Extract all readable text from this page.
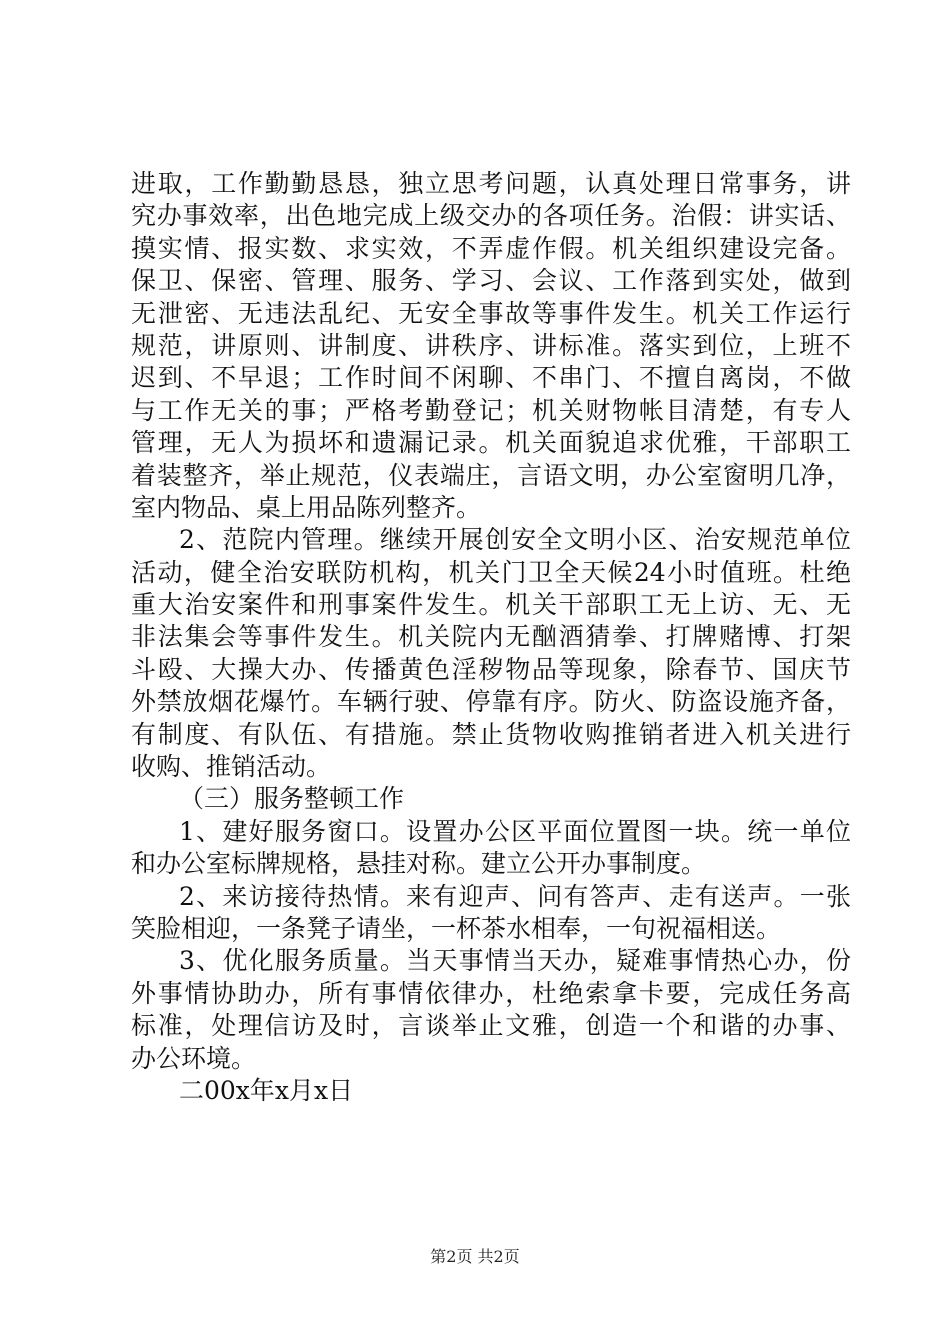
进取，工作勤勤恳恳，独立思考问题，认真处理日常事务，讲
究办事效率，出色地完成上级交办的各项任务。治假：讲实话、
摸实情、报实数、求实效，不弄虚作假。机关组织建设完备。
保卫、保密、管理、服务、学习、会议、工作落到实处，做到
无泄密、无违法乱纪、无安全事故等事件发生。机关工作运行
规范，讲原则、讲制度、讲秩序、讲标准。落实到位，上班不
迟到、不早退；工作时间不闲聊、不串门、不擅自离岗，不做
与工作无关的事；严格考勤登记；机关财物帐目清楚，有专人
管理，无人为损坏和遗漏记录。机关面貌追求优雅，干部职工
着装整齐，举止规范，仪表端庄，言语文明，办公室窗明几净，
室内物品、桌上用品陈列整齐。
2、范院内管理。继续开展创安全文明小区、治安规范单位
活动，健全治安联防机构，机关门卫全天候24小时值班。杜绝
重大治安案件和刑事案件发生。机关干部职工无上访、无、无
非法集会等事件发生。机关院内无酗酒猜拳、打牌赌博、打架
斗殴、大操大办、传播黄色淫秽物品等现象，除春节、国庆节
外禁放烟花爆竹。车辆行驶、停靠有序。防火、防盗设施齐备，
有制度、有队伍、有措施。禁止货物收购推销者进入机关进行
收购、推销活动。
（三）服务整顿工作
1、建好服务窗口。设置办公区平面位置图一块。统一单位
和办公室标牌规格，悬挂对称。建立公开办事制度。
2、来访接待热情。来有迎声、问有答声、走有送声。一张
笑脸相迎，一条凳子请坐，一杯茶水相奉，一句祝福相送。
3、优化服务质量。当天事情当天办，疑难事情热心办，份
外事情协助办，所有事情依律办，杜绝索拿卡要，完成任务高
标准，处理信访及时，言谈举止文雅，创造一个和谐的办事、
办公环境。
二00x年x月x日
第2页 共2页
